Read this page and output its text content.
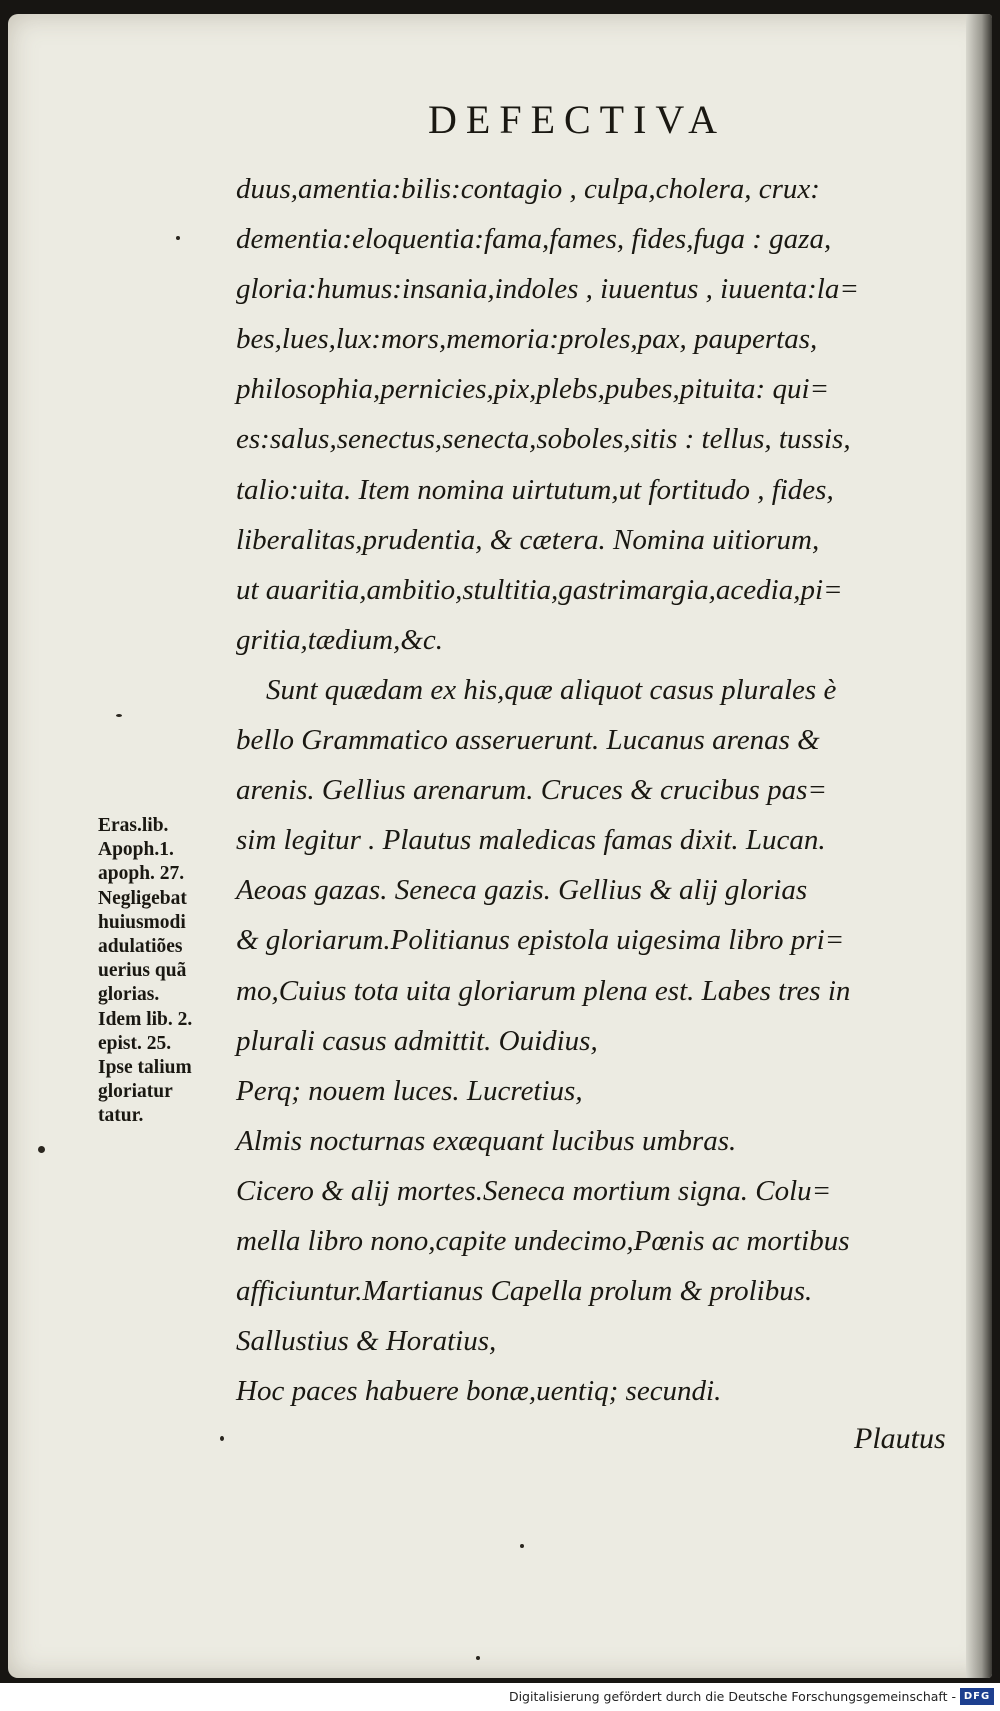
DEFECTIVA
duus,amentia:bilis:contagio , culpa,cholera, crux:
dementia:eloquentia:fama,fames, fides,fuga : gaza,
gloria:humus:insania,indoles , iuuentus , iuuenta:la=
bes,lues,lux:mors,memoria:proles,pax, paupertas,
philosophia,pernicies,pix,plebs,pubes,pituita: qui=
es:salus,senectus,senecta,soboles,sitis : tellus, tussis,
talio:uita. Item nomina uirtutum,ut fortitudo , fides,
liberalitas,prudentia, & cætera. Nomina uitiorum,
ut auaritia,ambitio,stultitia,gastrimargia,acedia,pi=
gritia,tædium,&c.
Sunt quædam ex his,quæ aliquot casus plurales è
bello Grammatico asseruerunt. Lucanus arenas &
arenis. Gellius arenarum. Cruces & crucibus pas=
sim legitur . Plautus maledicas famas dixit. Lucan.
Aeoas gazas. Seneca gazis. Gellius & alij glorias
& gloriarum.Politianus epistola uigesima libro pri=
mo,Cuius tota uita gloriarum plena est. Labes tres in
plurali casus admittit. Ouidius,
Perq; nouem luces. Lucretius,
Almis nocturnas exæquant lucibus umbras.
Cicero & alij mortes.Seneca mortium signa. Colu=
mella libro nono,capite undecimo,Pœnis ac mortibus
afficiuntur.Martianus Capella prolum & prolibus.
Sallustius & Horatius,
Hoc paces habuere bonæ,uentiq; secundi.
Plautus
Eras.lib.
Apoph.1.
apoph. 27.
Negligebat
huiusmodi
adulatiões
uerius quã
glorias.
Idem lib. 2.
epist. 25.
Ipse talium
gloriatur
tatur.
Digitalisierung gefördert durch die Deutsche Forschungsgemeinschaft - DFG
